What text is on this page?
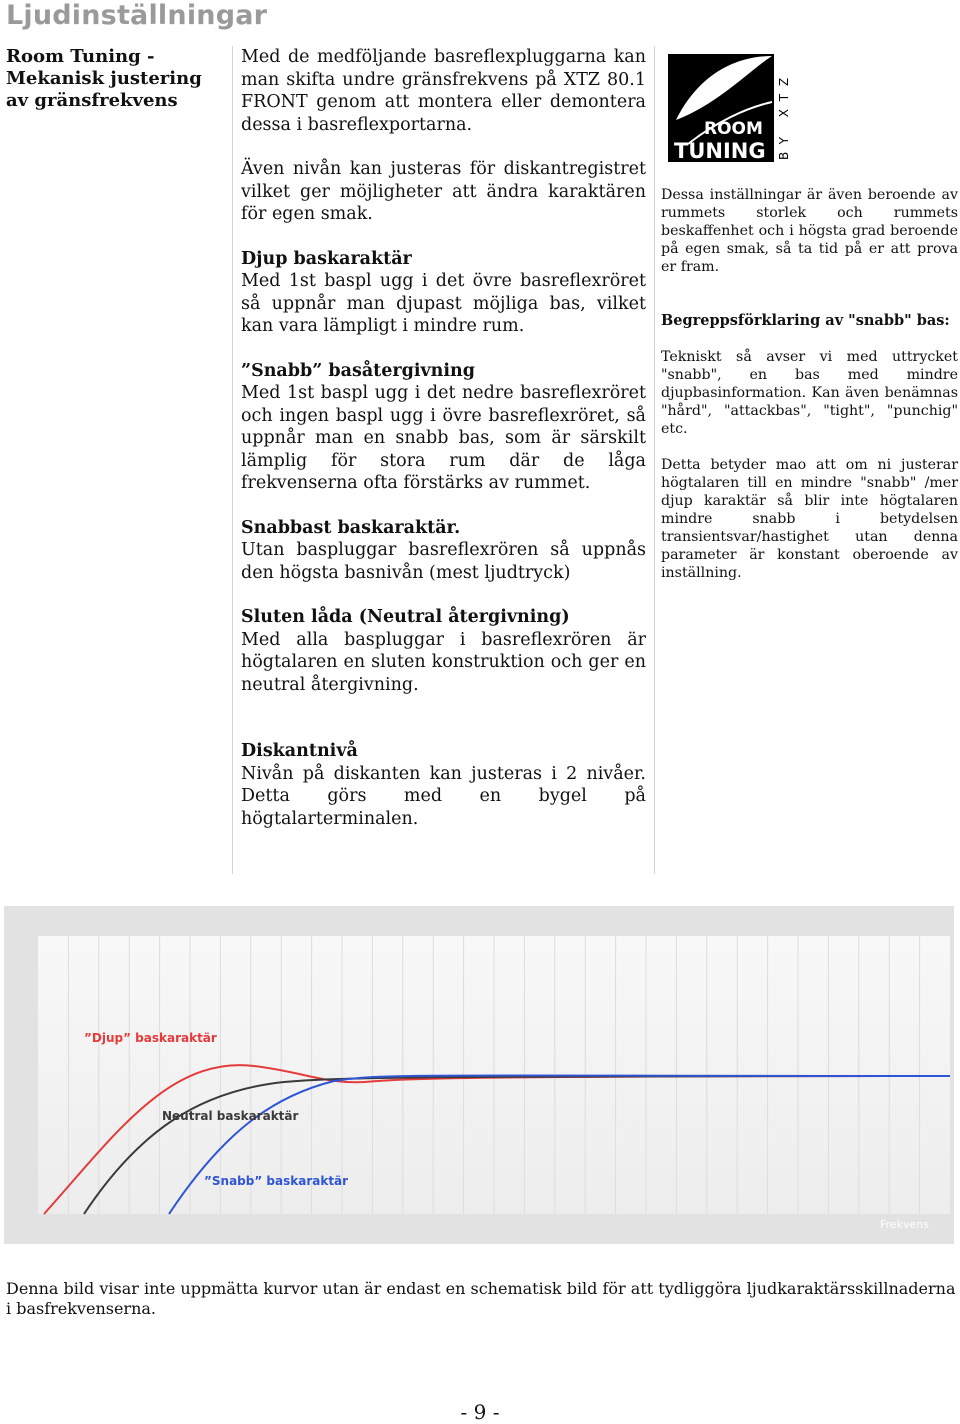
Ljudinställningar
Room Tuning - Mekanisk justering av gränsfrekvens

Med de medföljande basreflexpluggarna kan man skifta undre gränsfrekvens på XTZ 80.1 FRONT genom att montera eller demontera dessa i basreflexportarna.

Även nivån kan justeras för diskantregistret vilket ger möjligheter att ändra karaktären för egen smak.

Djup baskaraktär
Med 1st baspl ugg i det övre basreflexröret så uppnår man djupast möjliga bas, vilket kan vara lämpligt i mindre rum.

”Snabb” basåtergivning
Med 1st baspl ugg i det nedre basreflexröret och ingen baspl ugg i övre basreflexröret, så uppnår man en snabb bas, som är särskilt lämplig för stora rum där de låga frekvenserna ofta förstärks av rummet.

Snabbast baskaraktär.
Utan baspluggar basreflexrören så uppnås den högsta basnivån (mest ljudtryck)

Sluten låda (Neutral återgivning)
Med alla baspluggar i basreflexrören är högtalaren en sluten konstruktion och ger en neutral återgivning.

Diskantnivå
Nivån på diskanten kan justeras i 2 nivåer. Detta görs med en bygel på högtalarterminalen.

ROOM
TUNING BY XTZ

Dessa inställningar är även beroende av rummets storlek och rummets beskaffenhet och i högsta grad beroende på egen smak, så ta tid på er att prova er fram.

Begreppsförklaring av "snabb" bas:

Tekniskt så avser vi med uttrycket "snabb", en bas med mindre djupbasinformation. Kan även benämnas "hård", "attackbas", "tight", "punchig" etc.

Detta betyder mao att om ni justerar högtalaren till en mindre "snabb" /mer djup karaktär så blir inte högtalaren mindre snabb i betydelsen transientsvar/hastighet utan denna parameter är konstant oberoende av inställning.

”Djup” baskaraktär
Neutral baskaraktär
”Snabb” baskaraktär
Frekvens
Denna bild visar inte uppmätta kurvor utan är endast en schematisk bild för att tydliggöra ljudkaraktärsskillnaderna i basfrekvenserna.
- 9 -
